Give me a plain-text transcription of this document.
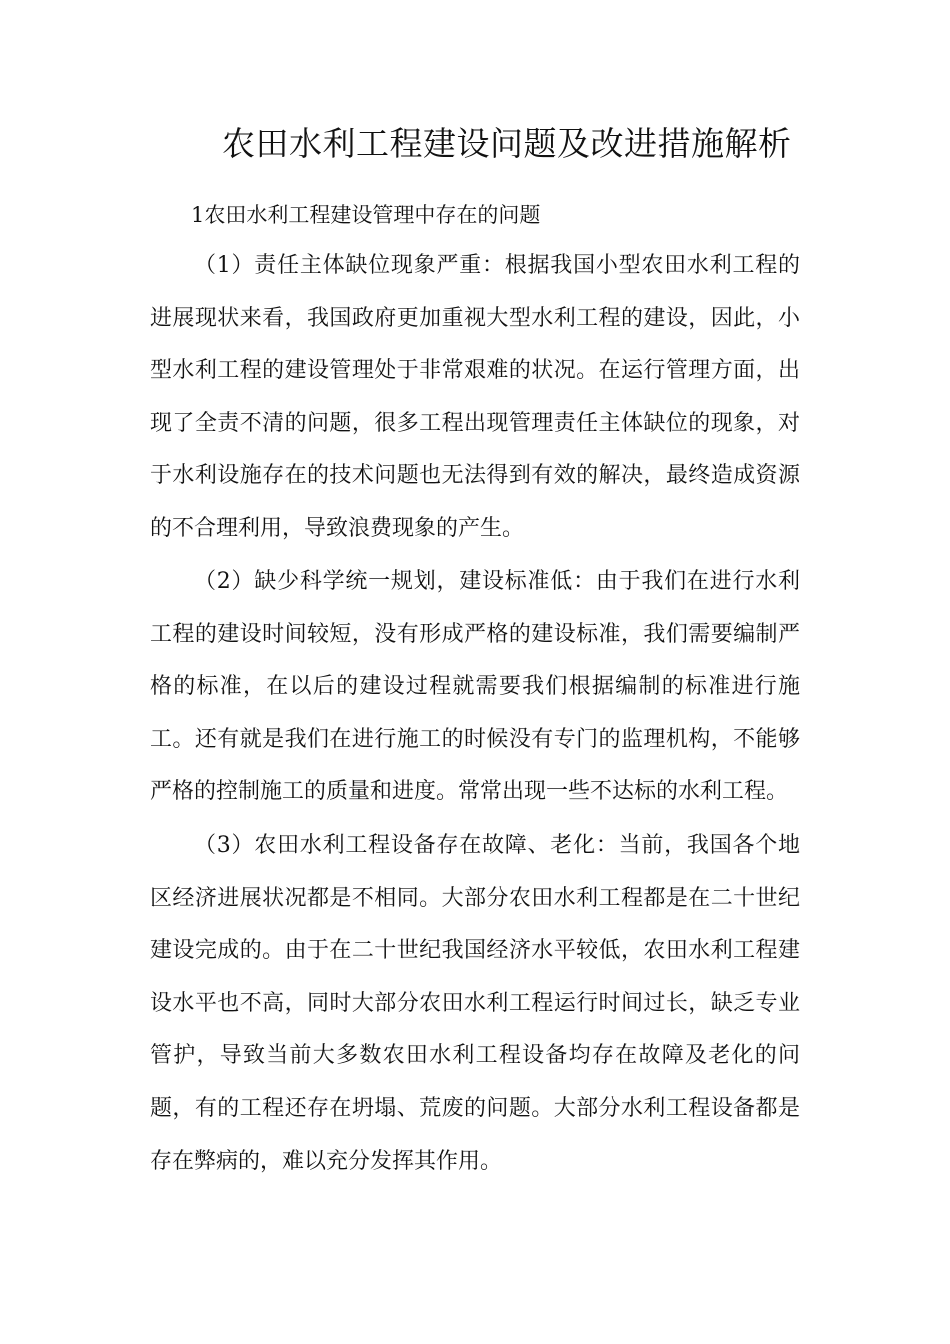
农田水利工程建设问题及改进措施解析
1农田水利工程建设管理中存在的问题

（1）责任主体缺位现象严重：根据我国小型农田水利工程的进展现状来看，我国政府更加重视大型水利工程的建设，因此，小型水利工程的建设管理处于非常艰难的状况。在运行管理方面，出现了全责不清的问题，很多工程出现管理责任主体缺位的现象，对于水利设施存在的技术问题也无法得到有效的解决，最终造成资源的不合理利用，导致浪费现象的产生。

（2）缺少科学统一规划，建设标准低：由于我们在进行水利工程的建设时间较短，没有形成严格的建设标准，我们需要编制严格的标准，在以后的建设过程就需要我们根据编制的标准进行施工。还有就是我们在进行施工的时候没有专门的监理机构，不能够严格的控制施工的质量和进度。常常出现一些不达标的水利工程。

（3）农田水利工程设备存在故障、老化：当前，我国各个地区经济进展状况都是不相同。大部分农田水利工程都是在二十世纪建设完成的。由于在二十世纪我国经济水平较低，农田水利工程建设水平也不高，同时大部分农田水利工程运行时间过长，缺乏专业管护，导致当前大多数农田水利工程设备均存在故障及老化的问题，有的工程还存在坍塌、荒废的问题。大部分水利工程设备都是存在弊病的，难以充分发挥其作用。
